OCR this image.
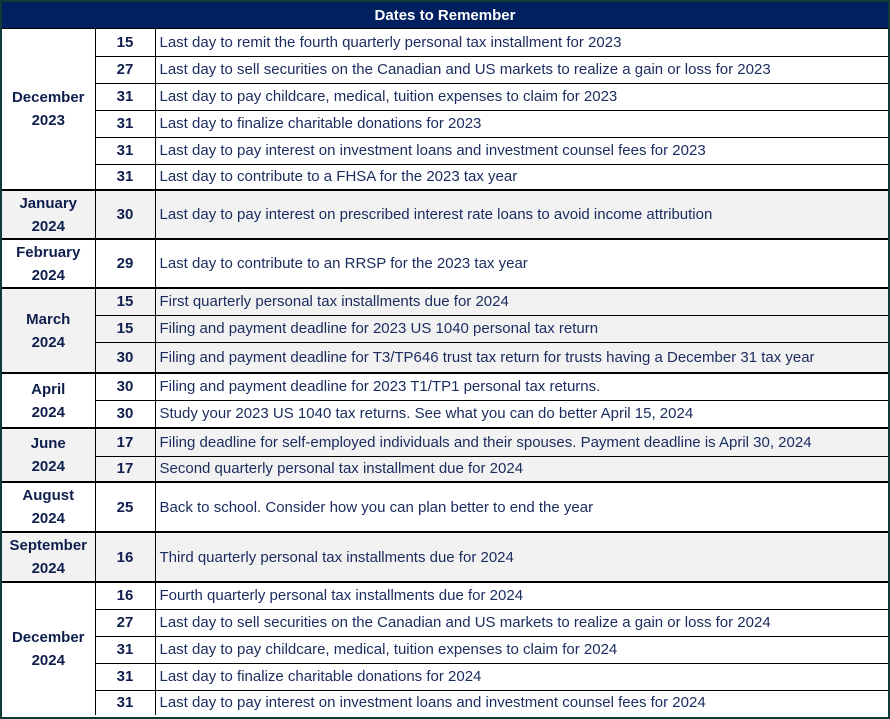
Dates to Remember
December
2023	15	Last day to remit the fourth quarterly personal tax installment for 2023
	27	Last day to sell securities on the Canadian and US markets to realize a gain or loss for 2023
	31	Last day to pay childcare, medical, tuition expenses to claim for 2023
	31	Last day to finalize charitable donations for 2023
	31	Last day to pay interest on investment loans and investment counsel fees for 2023
	31	Last day to contribute to a FHSA for the 2023 tax year

January
2024	30	Last day to pay interest on prescribed interest rate loans to avoid income attribution

February
2024	29	Last day to contribute to an RRSP for the 2023 tax year

March
2024	15	First quarterly personal tax installments due for 2024
	15	Filing and payment deadline for 2023 US 1040 personal tax return
	30	Filing and payment deadline for T3/TP646 trust tax return for trusts having a December 31 tax year

April
2024	30	Filing and payment deadline for 2023 T1/TP1 personal tax returns.
	30	Study your 2023 US 1040 tax returns. See what you can do better April 15, 2024

June
2024	17	Filing deadline for self-employed individuals and their spouses. Payment deadline is April 30, 2024
	17	Second quarterly personal tax installment due for 2024

August
2024	25	Back to school. Consider how you can plan better to end the year

September
2024	16	Third quarterly personal tax installments due for 2024

December
2024	16	Fourth quarterly personal tax installments due for 2024
	27	Last day to sell securities on the Canadian and US markets to realize a gain or loss for 2024
	31	Last day to pay childcare, medical, tuition expenses to claim for 2024
	31	Last day to finalize charitable donations for 2024
	31	Last day to pay interest on investment loans and investment counsel fees for 2024
